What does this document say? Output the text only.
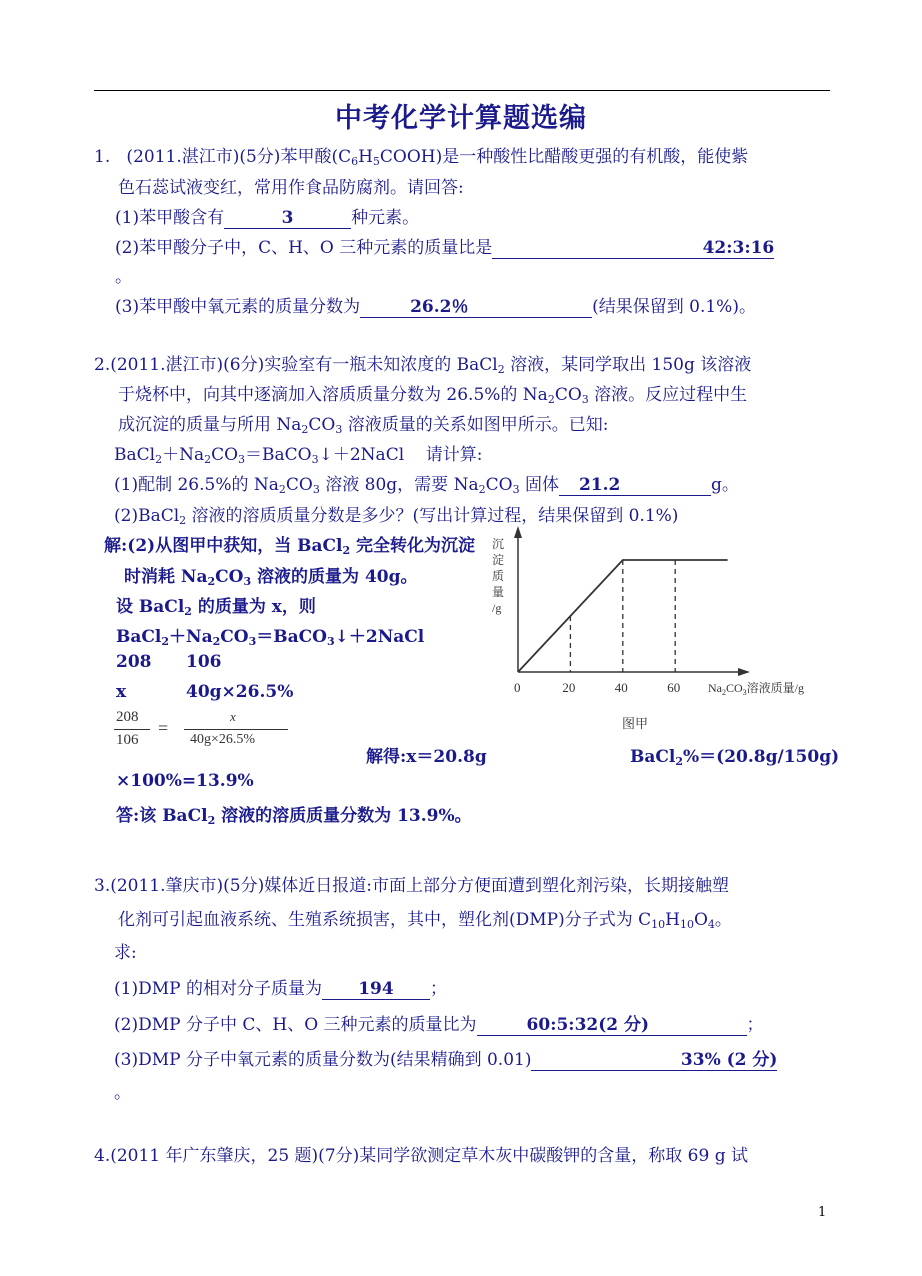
中考化学计算题选编
1.   (2011.湛江市)(5分)苯甲酸$(C_6H_5COOH)$是一种酸性比醋酸更强的有机酸，能使紫
色石蕊试液变红，常用作食品防腐剂。请回答:
(1)苯甲酸含有	3	种元素。
(2)苯甲酸分子中，C、H、O 三种元素的质量比是	42:3:16
。
(3)苯甲酸中氧元素的质量分数为	26.2％	(结果保留到 0.1%)。
2.(2011.湛江市)(6分)实验室有一瓶未知浓度的 BaCl$_2$ 溶液，某同学取出 150g 该溶液
于烧杯中，向其中逐滴加入溶质质量分数为 26.5%的 $Na_2CO_3$ 溶液。反应过程中生
成沉淀的质量与所用 $Na_2CO_3$ 溶液质量的关系如图甲所示。已知:
$BaCl_2+Na_2CO_3=BaCO_3↓+2NaCl$    请计算:
(1)配制 26.5%的 $Na_2CO_3$ 溶液 80g，需要 $Na_2CO_3$ 固体 21.2	g。
(2)BaCl$_2$ 溶液的溶质质量分数是多少？(写出计算过程，结果保留到 0.1%)
解:(2)从图甲中获知，当 BaCl$_2$ 完全转化为沉淀
时消耗 $Na_2CO_3$ 溶液的质量为 40g。
设 BaCl$_2$ 的质量为 x，则
$BaCl_2+Na_2CO_3=BaCO_3↓+2NaCl$
208 106
x	40g×26.5%
208
106
=
x
40g×26.5%
解得:x＝20.8g	BaCl$_2$%＝(20.8g/150g)
×100%=13.9%
答:该 BaCl$_2$ 溶液的溶质质量分数为 13.9%。
0	20	40	60
沉
淀
质
量
/g
$Na_2CO_3$溶液质量/g
图甲
3.(2011.肇庆市)(5分)媒体近日报道:市面上部分方便面遭到塑化剂污染，长期接触塑
化剂可引起血液系统、生殖系统损害，其中，塑化剂(DMP)分子式为 $C_{10}H_{10}O_4$。
求:
(1)DMP 的相对分子质量为 194 ；
(2)DMP 分子中 C、H、O 三种元素的质量比为	60:5:32(2 分)	；
(3)DMP 分子中氧元素的质量分数为(结果精确到 0.01)	33% (2 分)
。
4.(2011 年广东肇庆，25 题)(7分)某同学欲测定草木灰中碳酸钾的含量，称取 69 g 试
1
